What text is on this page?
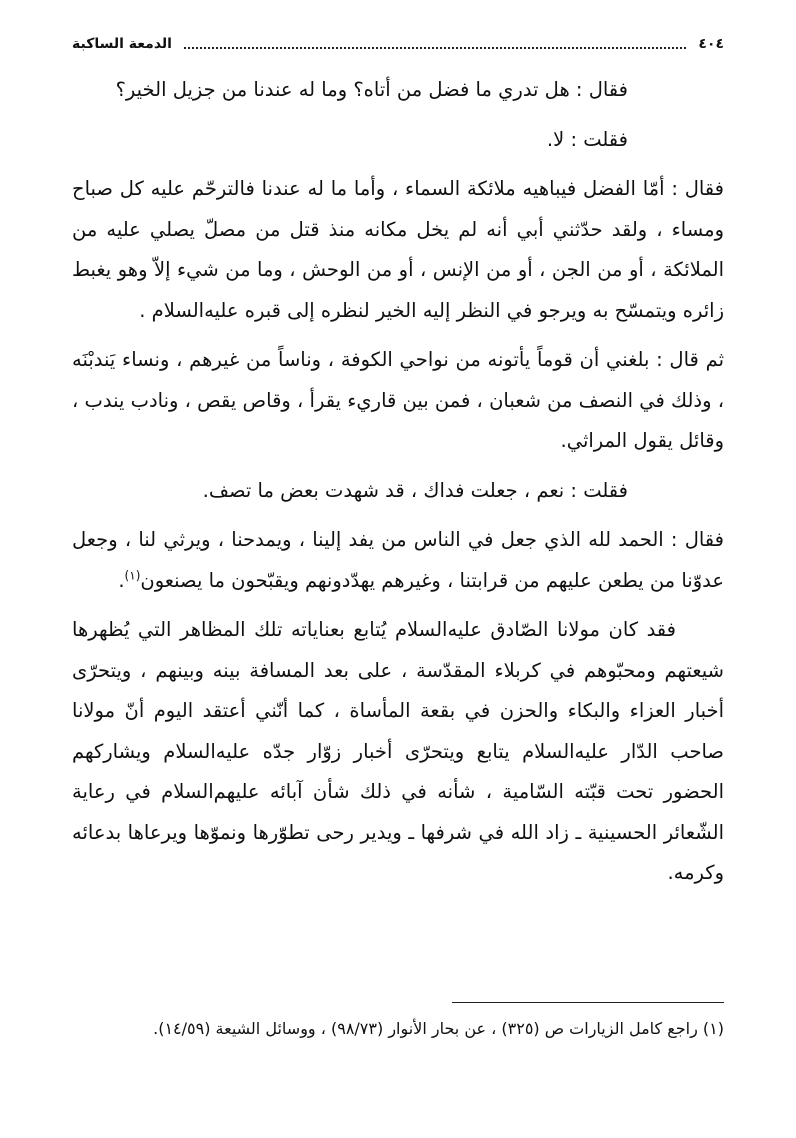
٤٠٤
الدمعة الساكبة

فقال : هل تدري ما فضل من أتاه؟ وما له عندنا من جزيل الخير؟

فقلت : لا.

فقال : أمّا الفضل فيباهيه ملائكة السماء ، وأما ما له عندنا فالترحّم عليه كل صباح ومساء ، ولقد حدّثني أبي أنه لم يخل مكانه منذ قتل من مصلّ يصلي عليه من الملائكة ، أو من الجن ، أو من الإنس ، أو من الوحش ، وما من شيء إلاّ وهو يغبط زائره ويتمسّح به ويرجو في النظر إليه الخير لنظره إلى قبره عليه‌السلام .

ثم قال : بلغني أن قوماً يأتونه من نواحي الكوفة ، وناساً من غيرهم ، ونساء يَندبْنَه ، وذلك في النصف من شعبان ، فمن بين قاريء يقرأ ، وقاص يقص ، ونادب يندب ، وقائل يقول المراثي.

فقلت : نعم ، جعلت فداك ، قد شهدت بعض ما تصف.

فقال : الحمد لله الذي جعل في الناس من يفد إلينا ، ويمدحنا ، ويرثي لنا ، وجعل عدوّنا من يطعن عليهم من قرابتنا ، وغيرهم يهدّدونهم ويقبّحون ما يصنعون$^{(١)}$.

فقد كان مولانا الصّادق عليه‌السلام يُتابع بعناياته تلك المظاهر التي يُظهرها شيعتهم ومحبّوهم في كربلاء المقدّسة ، على بعد المسافة بينه وبينهم ، ويتحرّى أخبار العزاء والبكاء والحزن في بقعة المأساة ، كما أنّني أعتقد اليوم أنّ مولانا صاحب الدّار عليه‌السلام يتابع ويتحرّى أخبار زوّار جدّه عليه‌السلام ويشاركهم الحضور تحت قبّته السّامية ، شأنه في ذلك شأن آبائه عليهم‌السلام في رعاية الشّعائر الحسينية ـ زاد الله في شرفها ـ ويدير رحى تطوّرها ونموّها ويرعاها بدعائه وكرمه.

(١) راجع كامل الزيارات ص (٣٢٥) ، عن بحار الأنوار (٩٨/٧٣) ، ووسائل الشيعة (١٤/٥٩).
